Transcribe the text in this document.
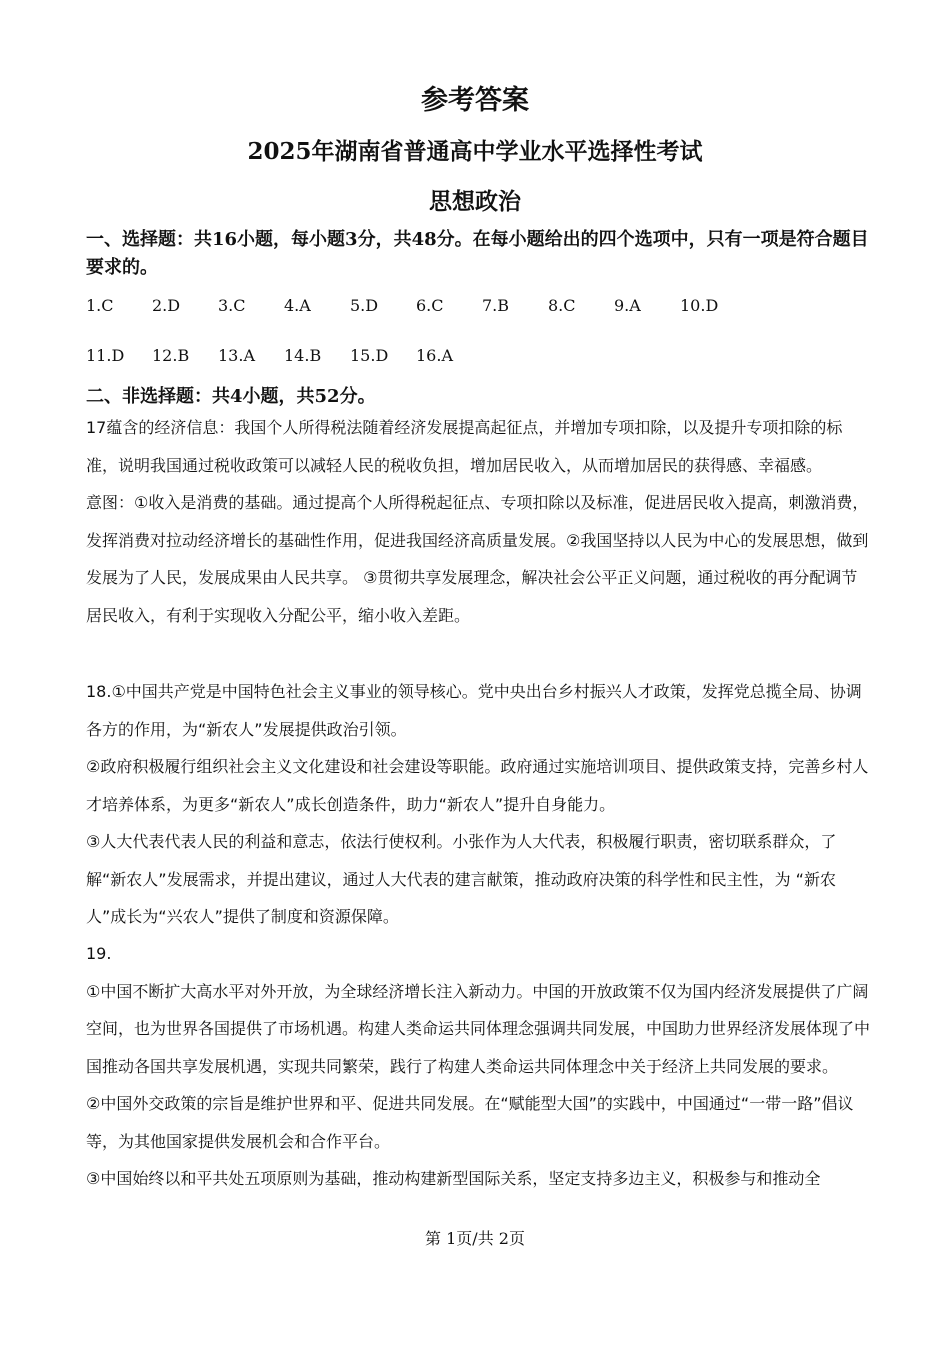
参考答案
2025年湖南省普通高中学业水平选择性考试
思想政治
一、选择题：共16小题，每小题3分，共48分。在每小题给出的四个选项中，只有一项是符合题目要求的。
1.C	2.D	3.C	4.A	5.D	6.C	7.B	8.C	9.A	10.D
11.D	12.B	13.A	14.B	15.D	16.A
二、非选择题：共4小题，共52分。

17蕴含的经济信息：我国个人所得税法随着经济发展提高起征点，并增加专项扣除，以及提升专项扣除的标准，说明我国通过税收政策可以减轻人民的税收负担，增加居民收入，从而增加居民的获得感、幸福感。

意图：①收入是消费的基础。通过提高个人所得税起征点、专项扣除以及标准，促进居民收入提高，刺激消费，发挥消费对拉动经济增长的基础性作用，促进我国经济高质量发展。②我国坚持以人民为中心的发展思想，做到发展为了人民，发展成果由人民共享。 ③贯彻共享发展理念，解决社会公平正义问题，通过税收的再分配调节居民收入，有利于实现收入分配公平，缩小收入差距。

18.①中国共产党是中国特色社会主义事业的领导核心。党中央出台乡村振兴人才政策，发挥党总揽全局、协调各方的作用，为“新农人”发展提供政治引领。

②政府积极履行组织社会主义文化建设和社会建设等职能。政府通过实施培训项目、提供政策支持，完善乡村人才培养体系，为更多“新农人”成长创造条件，助力“新农人”提升自身能力。

③人大代表代表人民的利益和意志，依法行使权利。小张作为人大代表，积极履行职责，密切联系群众，了解“新农人”发展需求，并提出建议，通过人大代表的建言献策，推动政府决策的科学性和民主性，为 “新农人”成长为“兴农人”提供了制度和资源保障。

19.

①中国不断扩大高水平对外开放，为全球经济增长注入新动力。中国的开放政策不仅为国内经济发展提供了广阔空间，也为世界各国提供了市场机遇。构建人类命运共同体理念强调共同发展，中国助力世界经济发展体现了中国推动各国共享发展机遇，实现共同繁荣，践行了构建人类命运共同体理念中关于经济上共同发展的要求。

②中国外交政策的宗旨是维护世界和平、促进共同发展。在“赋能型大国”的实践中，中国通过“一带一路”倡议等，为其他国家提供发展机会和合作平台。

③中国始终以和平共处五项原则为基础，推动构建新型国际关系，坚定支持多边主义，积极参与和推动全

第 1页/共 2页
